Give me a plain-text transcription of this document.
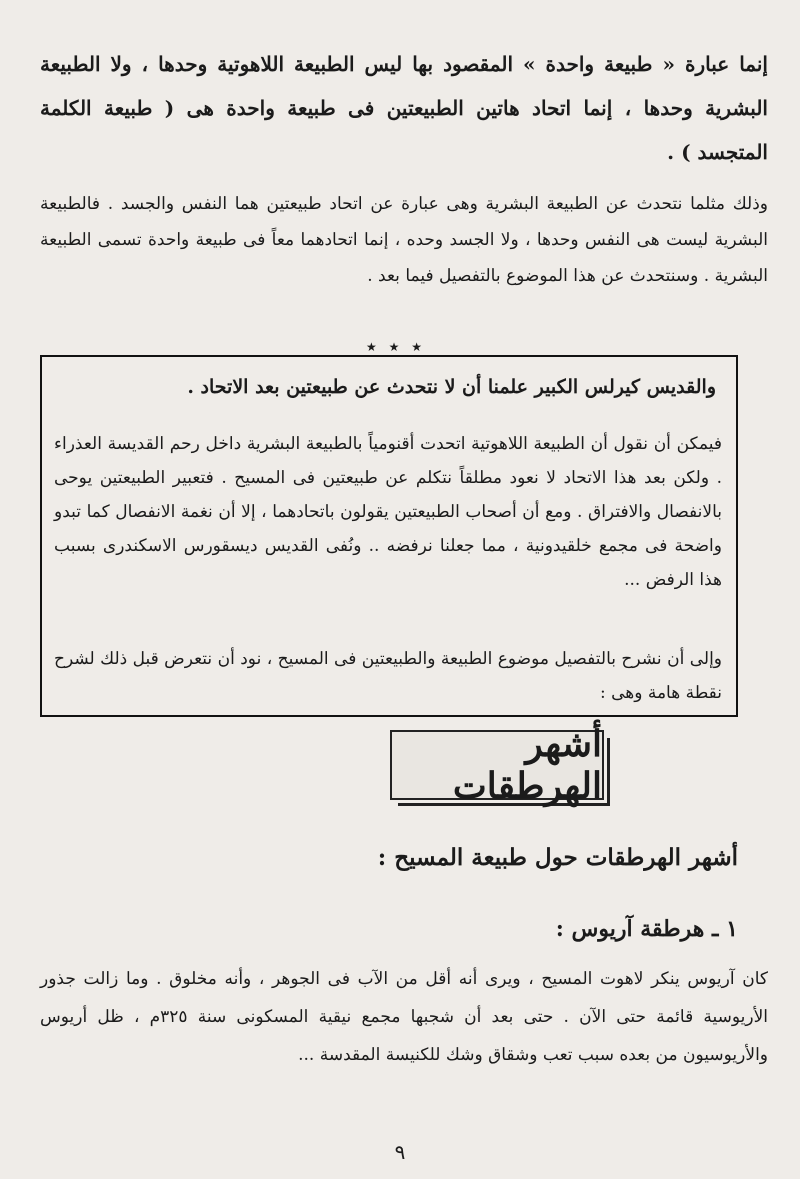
إنما عبارة « طبيعة واحدة » المقصود بها ليس الطبيعة اللاهوتية وحدها ، ولا الطبيعة البشرية وحدها ، إنما اتحاد هاتين الطبيعتين فى طبيعة واحدة هى ( طبيعة الكلمة المتجسد ) .
وذلك مثلما نتحدث عن الطبيعة البشرية وهى عبارة عن اتحاد طبيعتين هما النفس والجسد . فالطبيعة البشرية ليست هى النفس وحدها ، ولا الجسد وحده ، إنما اتحادهما معاً فى طبيعة واحدة تسمى الطبيعة البشرية . وسنتحدث عن هذا الموضوع بالتفصيل فيما بعد .
★ ★ ★
والقديس كيرلس الكبير علمنا أن لا نتحدث عن طبيعتين بعد الاتحاد .
فيمكن أن نقول أن الطبيعة اللاهوتية اتحدت أقنومياً بالطبيعة البشرية داخل رحم القديسة العذراء . ولكن بعد هذا الاتحاد لا نعود مطلقاً نتكلم عن طبيعتين فى المسيح . فتعبير الطبيعتين يوحى بالانفصال والافتراق . ومع أن أصحاب الطبيعتين يقولون باتحادهما ، إلا أن نغمة الانفصال كما تبدو واضحة فى مجمع خلقيدونية ، مما جعلنا نرفضه .. ونُفى القديس ديسقورس الاسكندرى بسبب هذا الرفض ...
وإلى أن نشرح بالتفصيل موضوع الطبيعة والطبيعتين فى المسيح ، نود أن نتعرض قبل ذلك لشرح نقطة هامة وهى :
أشهر الهرطقات
أشهر الهرطقات حول طبيعة المسيح :
١ ـ هرطقة آريوس :
كان آريوس ينكر لاهوت المسيح ، ويرى أنه أقل من الآب فى الجوهر ، وأنه مخلوق . وما زالت جذور الأريوسية قائمة حتى الآن . حتى بعد أن شجبها مجمع نيقية المسكونى سنة ٣٢٥م ، ظل أريوس والأريوسيون من بعده سبب تعب وشقاق وشك للكنيسة المقدسة ...
٩
